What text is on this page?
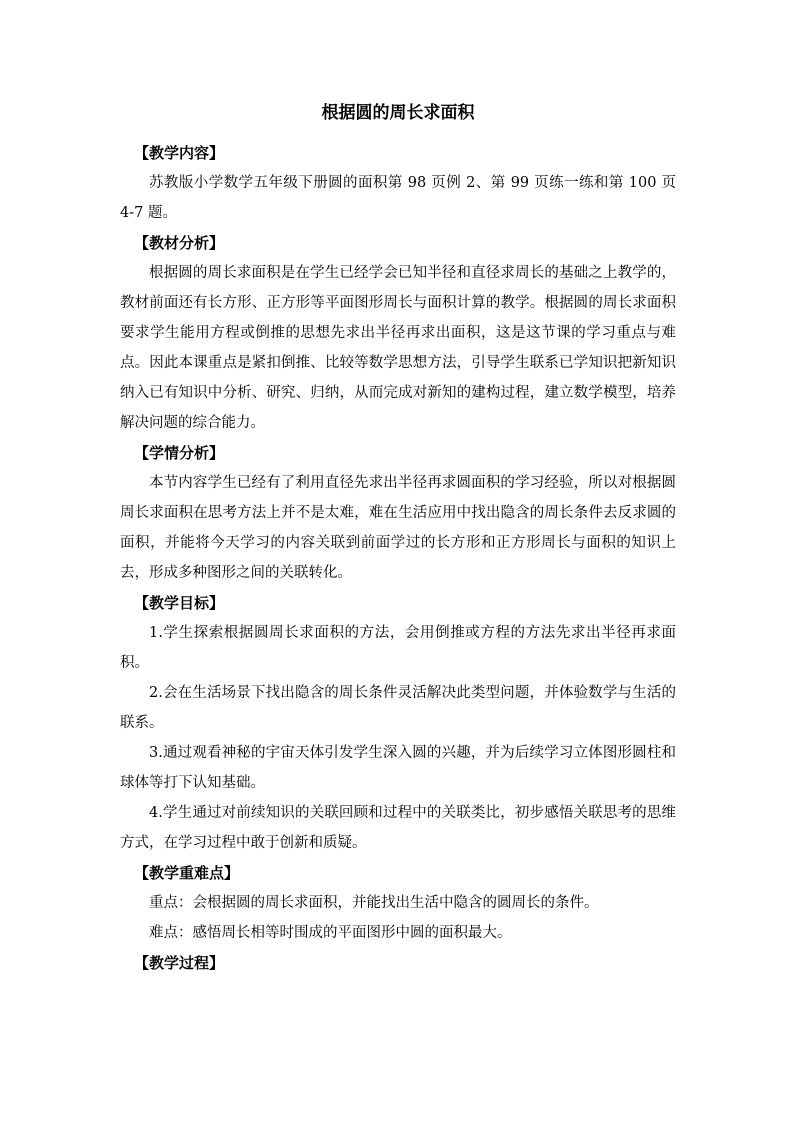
根据圆的周长求面积

【教学内容】

苏教版小学数学五年级下册圆的面积第 98 页例 2、第 99 页练一练和第 100 页 4-7 题。

【教材分析】

根据圆的周长求面积是在学生已经学会已知半径和直径求周长的基础之上教学的，教材前面还有长方形、正方形等平面图形周长与面积计算的教学。根据圆的周长求面积要求学生能用方程或倒推的思想先求出半径再求出面积，这是这节课的学习重点与难点。因此本课重点是紧扣倒推、比较等数学思想方法，引导学生联系已学知识把新知识纳入已有知识中分析、研究、归纳，从而完成对新知的建构过程，建立数学模型，培养解决问题的综合能力。

【学情分析】

本节内容学生已经有了利用直径先求出半径再求圆面积的学习经验，所以对根据圆周长求面积在思考方法上并不是太难，难在生活应用中找出隐含的周长条件去反求圆的面积，并能将今天学习的内容关联到前面学过的长方形和正方形周长与面积的知识上去，形成多种图形之间的关联转化。

【教学目标】

1.学生探索根据圆周长求面积的方法，会用倒推或方程的方法先求出半径再求面积。

2.会在生活场景下找出隐含的周长条件灵活解决此类型问题，并体验数学与生活的联系。

3.通过观看神秘的宇宙天体引发学生深入圆的兴趣，并为后续学习立体图形圆柱和球体等打下认知基础。

4.学生通过对前续知识的关联回顾和过程中的关联类比，初步感悟关联思考的思维方式，在学习过程中敢于创新和质疑。

【教学重难点】

重点：会根据圆的周长求面积，并能找出生活中隐含的圆周长的条件。

难点：感悟周长相等时围成的平面图形中圆的面积最大。

【教学过程】
